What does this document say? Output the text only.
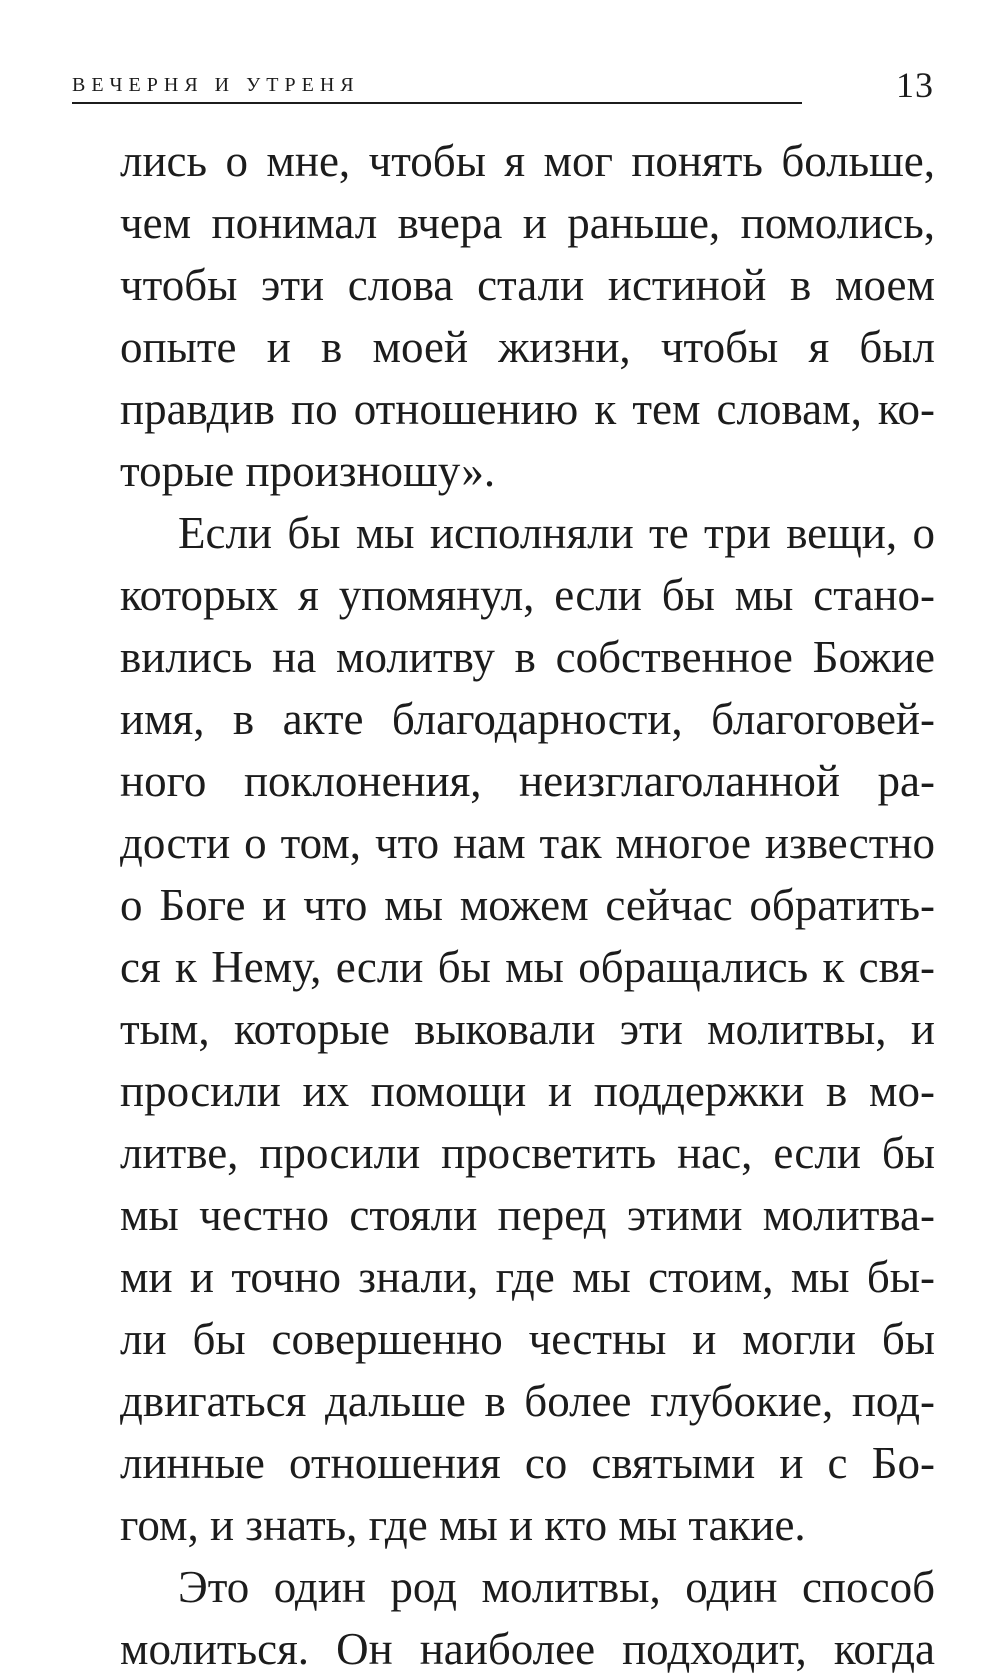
ВЕЧЕРНЯ И УТРЕНЯ	13
лись о мне, чтобы я мог понять больше,
чем понимал вчера и раньше, помолись,
чтобы эти слова стали истиной в моем
опыте и в моей жизни, чтобы я был
правдив по отношению к тем словам, ко-
торые произношу».
Если бы мы исполняли те три вещи, о
которых я упомянул, если бы мы стано-
вились на молитву в собственное Божие
имя, в акте благодарности, благоговей-
ного поклонения, неизглаголанной ра-
дости о том, что нам так многое известно
о Боге и что мы можем сейчас обратить-
ся к Нему, если бы мы обращались к свя-
тым, которые выковали эти молитвы, и
просили их помощи и поддержки в мо-
литве, просили просветить нас, если бы
мы честно стояли перед этими молитва-
ми и точно знали, где мы стоим, мы бы-
ли бы совершенно честны и могли бы
двигаться дальше в более глубокие, под-
линные отношения со святыми и с Бо-
гом, и знать, где мы и кто мы такие.
Это один род молитвы, один способ
молиться. Он наиболее подходит, когда
